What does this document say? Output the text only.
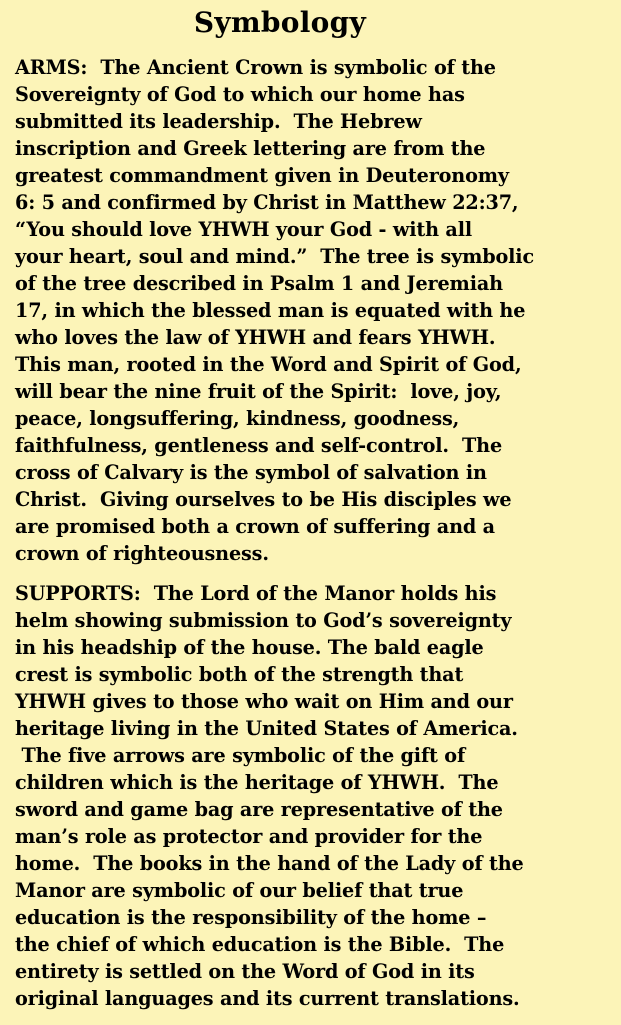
Symbology

ARMS:  The Ancient Crown is symbolic of the
Sovereignty of God to which our home has
submitted its leadership.  The Hebrew
inscription and Greek lettering are from the
greatest commandment given in Deuteronomy
6: 5 and confirmed by Christ in Matthew 22:37,
“You should love YHWH your God - with all
your heart, soul and mind.”  The tree is symbolic
of the tree described in Psalm 1 and Jeremiah
17, in which the blessed man is equated with he
who loves the law of YHWH and fears YHWH.
This man, rooted in the Word and Spirit of God,
will bear the nine fruit of the Spirit:  love, joy,
peace, longsuffering, kindness, goodness,
faithfulness, gentleness and self-control.  The
cross of Calvary is the symbol of salvation in
Christ.  Giving ourselves to be His disciples we
are promised both a crown of suffering and a
crown of righteousness.

SUPPORTS:  The Lord of the Manor holds his
helm showing submission to God’s sovereignty
in his headship of the house. The bald eagle
crest is symbolic both of the strength that
YHWH gives to those who wait on Him and our
heritage living in the United States of America.
The five arrows are symbolic of the gift of
children which is the heritage of YHWH.  The
sword and game bag are representative of the
man’s role as protector and provider for the
home.  The books in the hand of the Lady of the
Manor are symbolic of our belief that true
education is the responsibility of the home –
the chief of which education is the Bible.  The
entirety is settled on the Word of God in its
original languages and its current translations.
